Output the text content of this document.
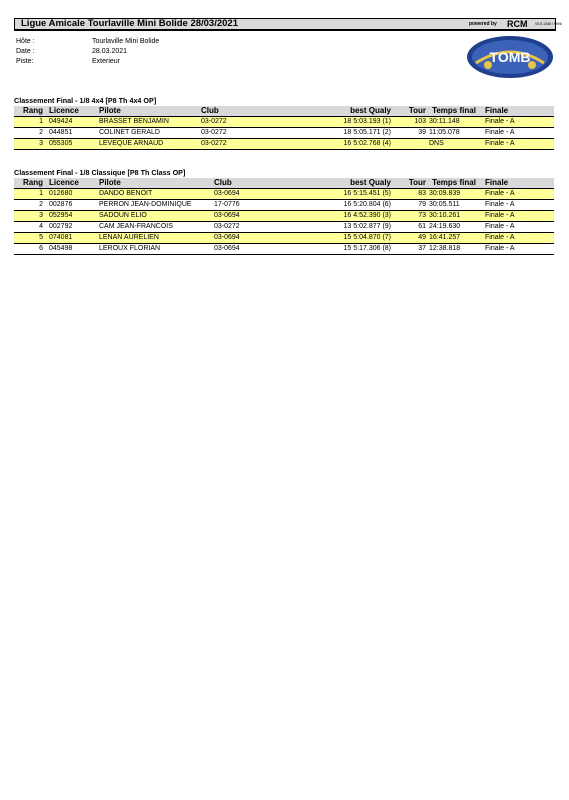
Ligue Amicale Tourlaville Mini Bolide 28/03/2021	powered by RCM V5.5.1348 / 9996
Hôte :	Tourlaville Mini Bolide
Date :	28.03.2021
Piste:	Exterieur	TOMB
Classement Final - 1/8 4x4 [P8 Th 4x4 OP]
Rang	Licence	Pilote	Club	best Qualy	Tour	Temps final	Finale
1	049424	BRASSET BENJAMIN	03-0272	18 5:03.193 (1)	103	30:11.148	Finale - A
2	044851	COLINET GERALD	03-0272	18 5:05.171 (2)	39	11:05.078	Finale - A
3	055305	LEVEQUE ARNAUD	03-0272	16 5:02.768 (4)		DNS	Finale - A
Classement Final - 1/8 Classique [P8 Th Class OP]
Rang	Licence	Pilote	Club	best Qualy	Tour	Temps final	Finale
1	012680	DANDO BENOIT	03-0694	16 5:15.451 (5)	83	30:09.839	Finale - A
2	002876	PERRON JEAN-DOMINIQUE	17-0776	16 5:20.804 (6)	79	30:05.511	Finale - A
3	052954	SADOUN ELIO	03-0694	16 4:52.390 (3)	73	30:10.261	Finale - A
4	002792	CAM JEAN-FRANCOIS	03-0272	13 5:02.877 (9)	61	24:19.630	Finale - A
5	074081	LENAN AURELIEN	03-0694	15 5:04.870 (7)	49	16:41.257	Finale - A
6	045498	LEROUX FLORIAN	03-0694	15 5:17.306 (8)	37	12:38.818	Finale - A
